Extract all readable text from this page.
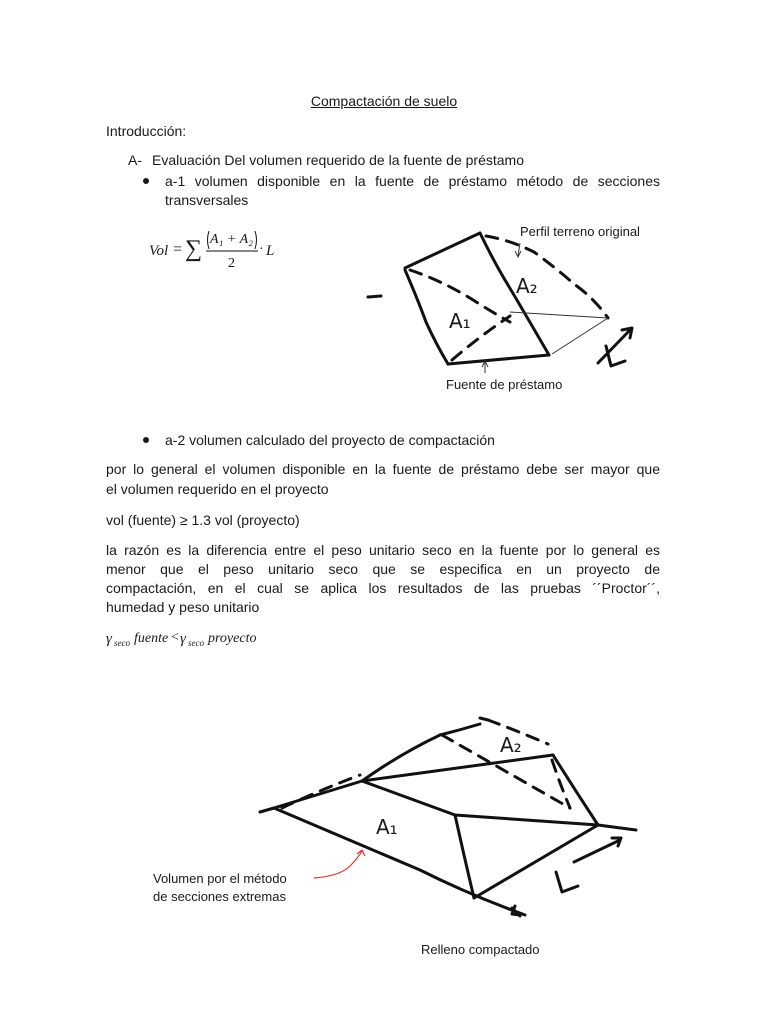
Compactación de suelo
Introducción:
A- Evaluación Del volumen requerido de la fuente de préstamo
a-1 volumen disponible en la fuente de préstamo método de secciones
transversales
Vol = ∑ A₁ + A₂
2
· L
Perfil terreno original
Fuente de préstamo
A₁
A₂
a-2 volumen calculado del proyecto de compactación
por lo general el volumen disponible en la fuente de préstamo debe ser mayor que
el volumen requerido en el proyecto
vol (fuente) ≥ 1.3 vol (proyecto)
la razón es la diferencia entre el peso unitario seco en la fuente por lo general es
menor que el peso unitario seco que se especifica en un proyecto de
compactación, en el cual se aplica los resultados de las pruebas ´´Proctor´´,
humedad y peso unitario
γ seco fuente < γ seco proyecto
A₁
A₂
Volumen por el método
de secciones extremas
Relleno compactado
